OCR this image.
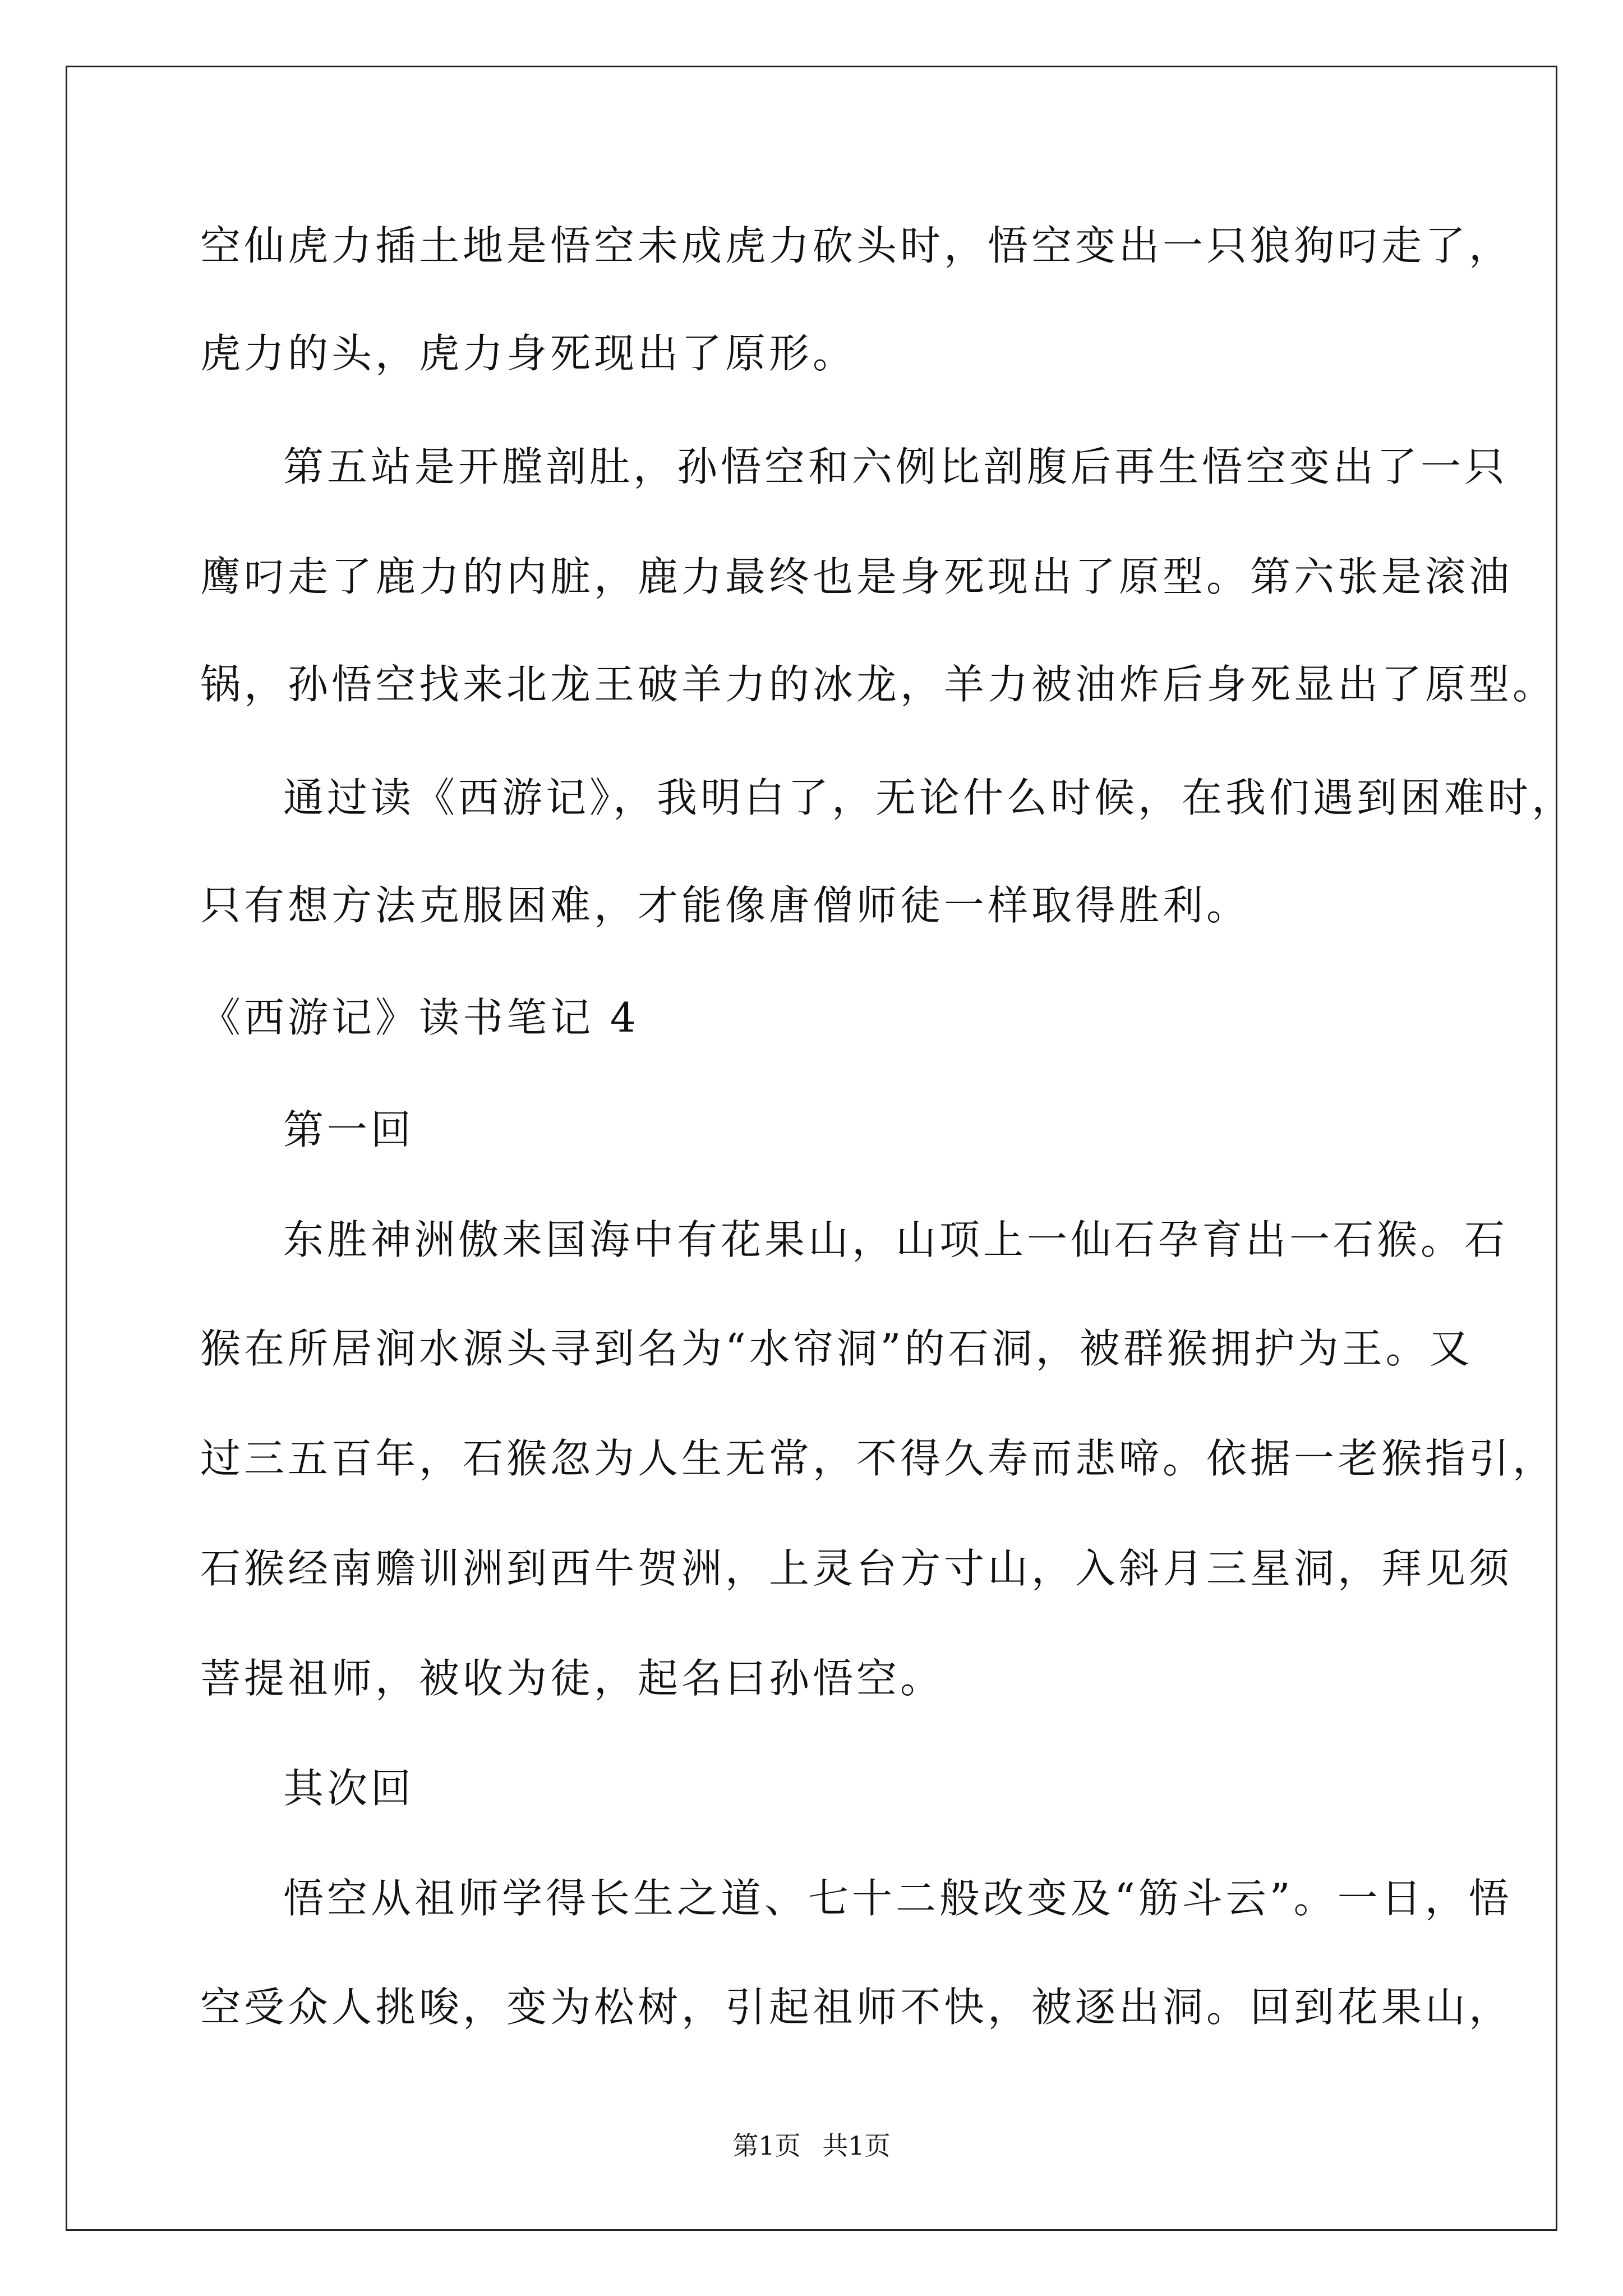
空仙虎力插土地是悟空未成虎力砍头时，悟空变出一只狼狗叼走了，
虎力的头，虎力身死现出了原形。
第五站是开膛剖肚，孙悟空和六例比剖腹后再生悟空变出了一只
鹰叼走了鹿力的内脏，鹿力最终也是身死现出了原型。第六张是滚油
锅，孙悟空找来北龙王破羊力的冰龙，羊力被油炸后身死显出了原型。
通过读《西游记》，我明白了，无论什么时候，在我们遇到困难时，
只有想方法克服困难，才能像唐僧师徒一样取得胜利。
《西游记》读书笔记 4
第一回
东胜神洲傲来国海中有花果山，山项上一仙石孕育出一石猴。石
猴在所居涧水源头寻到名为“水帘洞”的石洞，被群猴拥护为王。又
过三五百年，石猴忽为人生无常，不得久寿而悲啼。依据一老猴指引，
石猴经南赡训洲到西牛贺洲，上灵台方寸山，入斜月三星洞，拜见须
菩提祖师，被收为徒，起名曰孙悟空。
其次回
悟空从祖师学得长生之道、七十二般改变及“筋斗云”。一日，悟
空受众人挑唆，变为松树，引起祖师不快，被逐出洞。回到花果山，
第1页 共1页
